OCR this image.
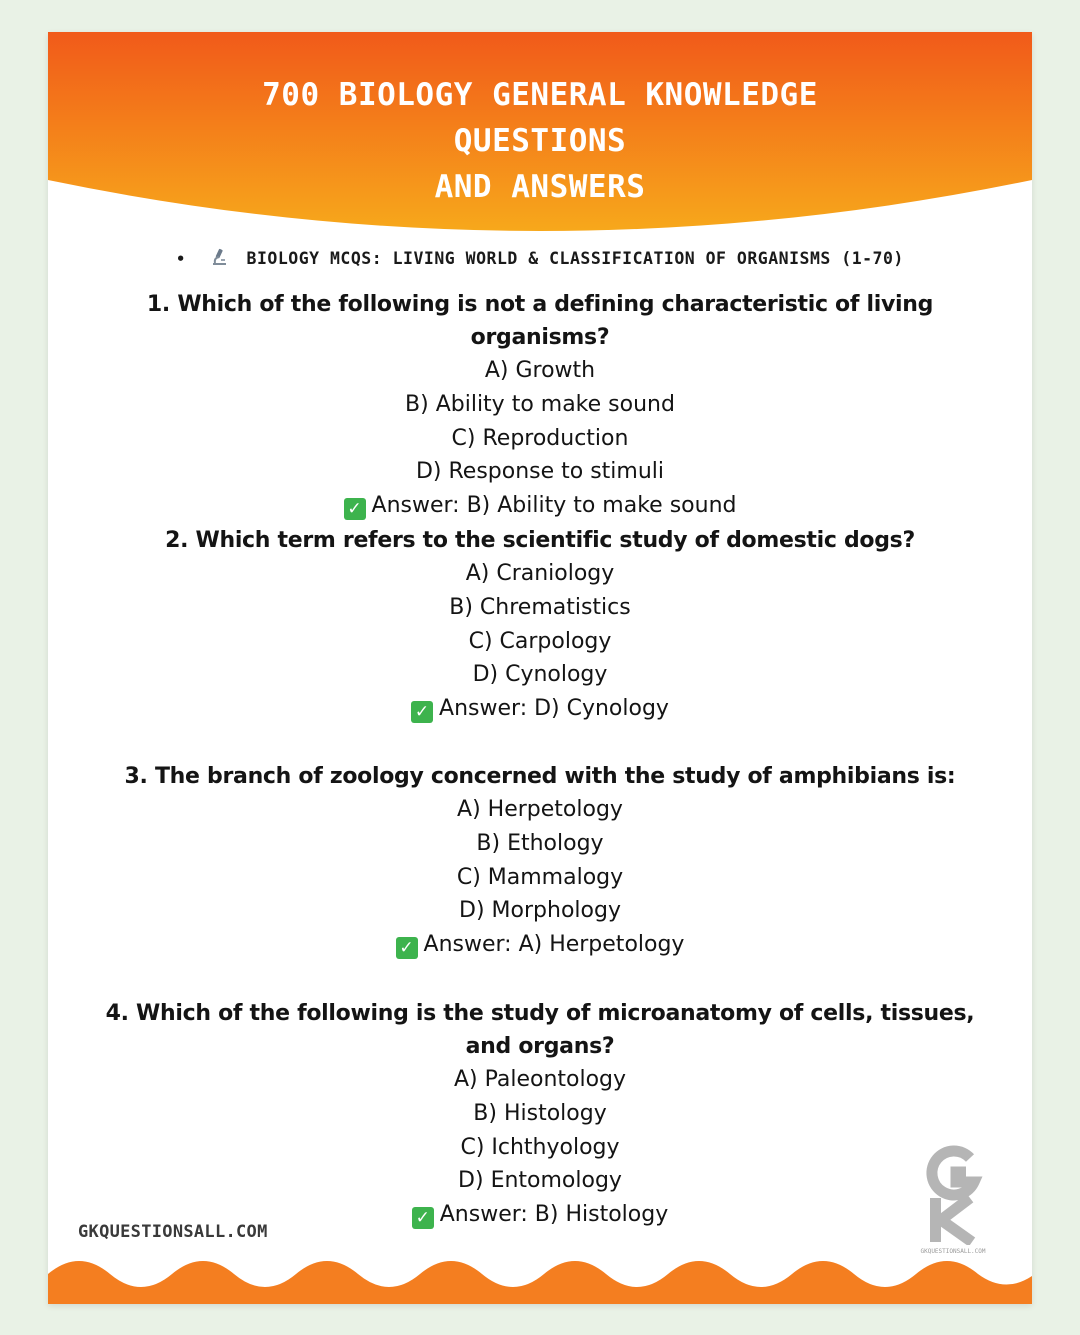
700 BIOLOGY GENERAL KNOWLEDGE
QUESTIONS
AND ANSWERS
•	BIOLOGY MCQS: LIVING WORLD & CLASSIFICATION OF ORGANISMS (1-70)
1. Which of the following is not a defining characteristic of living organisms?
A) Growth
B) Ability to make sound
C) Reproduction
D) Response to stimuli
✓ Answer: B) Ability to make sound
2. Which term refers to the scientific study of domestic dogs?
A) Craniology
B) Chrematistics
C) Carpology
D) Cynology
✓ Answer: D) Cynology
3. The branch of zoology concerned with the study of amphibians is:
A) Herpetology
B) Ethology
C) Mammalogy
D) Morphology
✓ Answer: A) Herpetology
4. Which of the following is the study of microanatomy of cells, tissues, and organs?
A) Paleontology
B) Histology
C) Ichthyology
D) Entomology
✓ Answer: B) Histology
GKQUESTIONSALL.COM
GKQUESTIONSALL.COM
